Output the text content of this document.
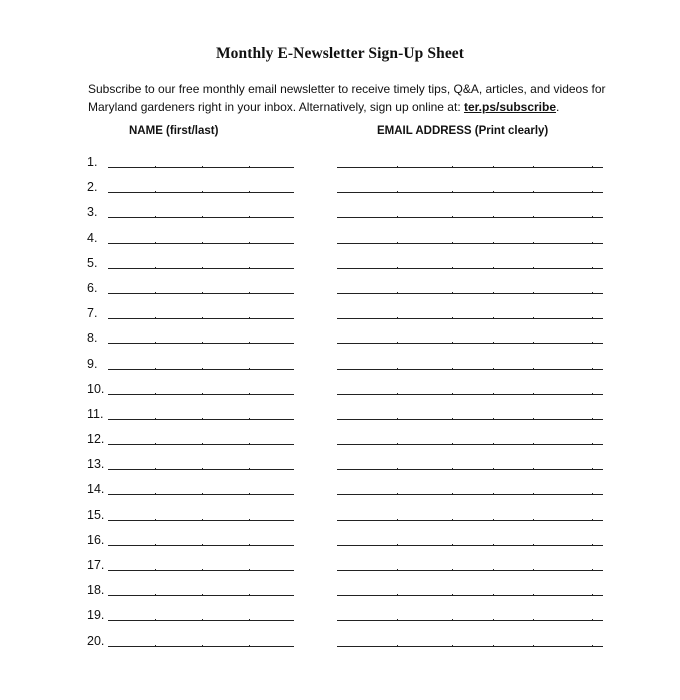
Monthly E-Newsletter Sign-Up Sheet
Subscribe to our free monthly email newsletter to receive timely tips, Q&A, articles, and videos for Maryland gardeners right in your inbox. Alternatively, sign up online at: ter.ps/subscribe.
NAME (first/last)	EMAIL ADDRESS (Print clearly)
1.
2.
3.
4.
5.
6.
7.
8.
9.
10.
11.
12.
13.
14.
15.
16.
17.
18.
19.
20.
